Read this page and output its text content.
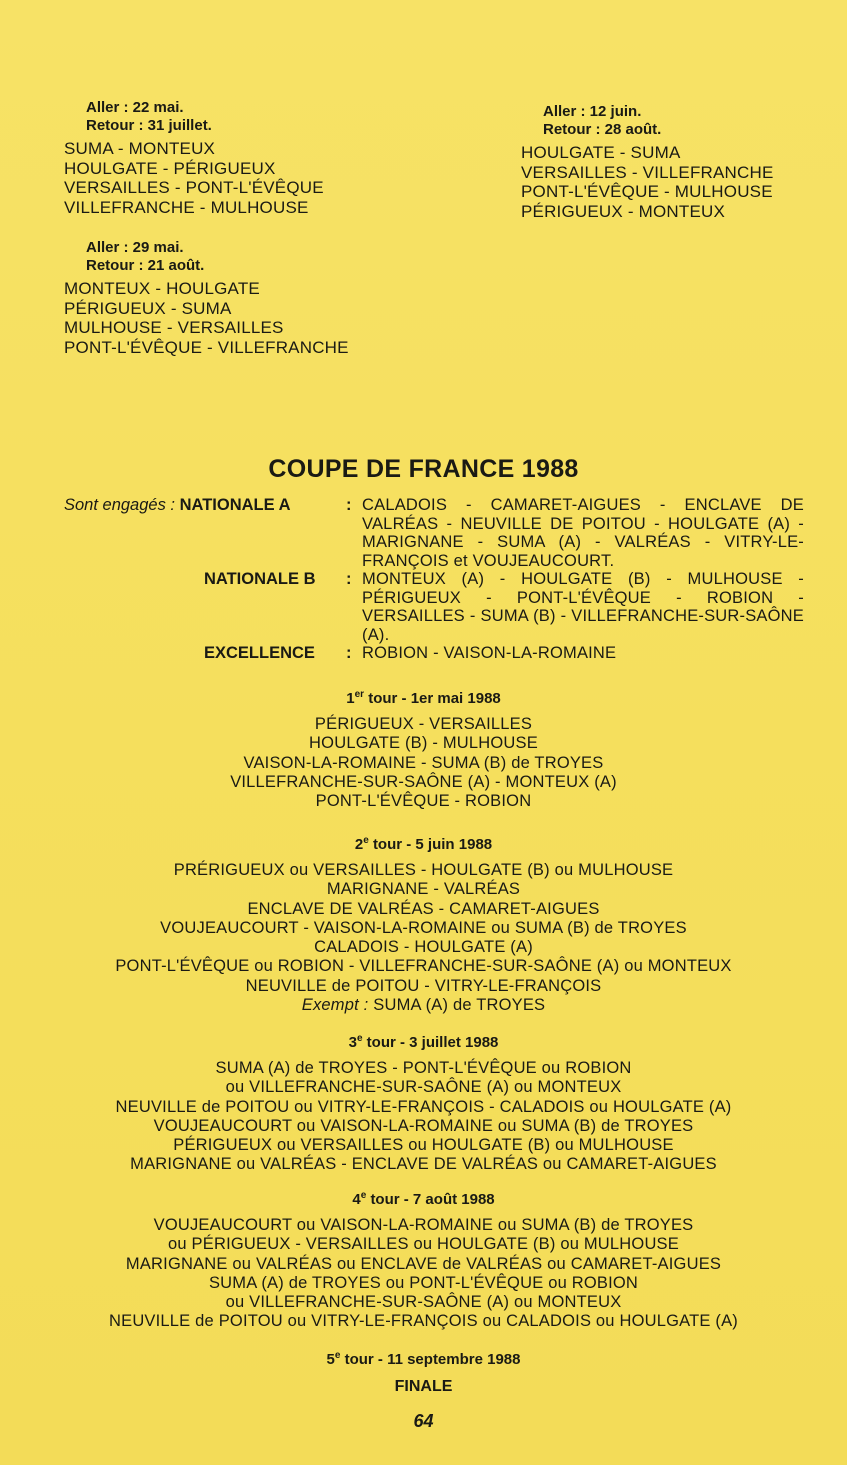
Aller : 22 mai.
Retour : 31 juillet.
SUMA - MONTEUX
HOULGATE - PÉRIGUEUX
VERSAILLES - PONT-L'ÉVÊQUE
VILLEFRANCHE - MULHOUSE
Aller : 29 mai.
Retour : 21 août.
MONTEUX - HOULGATE
PÉRIGUEUX - SUMA
MULHOUSE - VERSAILLES
PONT-L'ÉVÊQUE - VILLEFRANCHE
Aller : 12 juin.
Retour : 28 août.
HOULGATE - SUMA
VERSAILLES - VILLEFRANCHE
PONT-L'ÉVÊQUE - MULHOUSE
PÉRIGUEUX - MONTEUX
COUPE DE FRANCE 1988
Sont engagés : NATIONALE A	: CALADOIS - CAMARET-AIGUES - ENCLAVE DE VALRÉAS - NEUVILLE DE POITOU - HOULGATE (A) - MARIGNANE - SUMA (A) - VALRÉAS - VITRY-LE-FRANÇOIS et VOUJEAUCOURT.
NATIONALE B : MONTEUX (A) - HOULGATE (B) - MULHOUSE - PÉRIGUEUX - PONT-L'ÉVÊQUE - ROBION - VERSAILLES - SUMA (B) - VILLEFRANCHE-SUR-SAÔNE (A).
EXCELLENCE : ROBION - VAISON-LA-ROMAINE
1er tour - 1er mai 1988
PÉRIGUEUX - VERSAILLES
HOULGATE (B) - MULHOUSE
VAISON-LA-ROMAINE - SUMA (B) de TROYES
VILLEFRANCHE-SUR-SAÔNE (A) - MONTEUX (A)
PONT-L'ÉVÊQUE - ROBION
2e tour - 5 juin 1988
PRÉRIGUEUX ou VERSAILLES - HOULGATE (B) ou MULHOUSE
MARIGNANE - VALRÉAS
ENCLAVE DE VALRÉAS - CAMARET-AIGUES
VOUJEAUCOURT - VAISON-LA-ROMAINE ou SUMA (B) de TROYES
CALADOIS - HOULGATE (A)
PONT-L'ÉVÊQUE ou ROBION - VILLEFRANCHE-SUR-SAÔNE (A) ou MONTEUX
NEUVILLE de POITOU - VITRY-LE-FRANÇOIS
Exempt : SUMA (A) de TROYES
3e tour - 3 juillet 1988
SUMA (A) de TROYES - PONT-L'ÉVÊQUE ou ROBION
ou VILLEFRANCHE-SUR-SAÔNE (A) ou MONTEUX
NEUVILLE de POITOU ou VITRY-LE-FRANÇOIS - CALADOIS ou HOULGATE (A)
VOUJEAUCOURT ou VAISON-LA-ROMAINE ou SUMA (B) de TROYES
PÉRIGUEUX ou VERSAILLES ou HOULGATE (B) ou MULHOUSE
MARIGNANE ou VALRÉAS - ENCLAVE DE VALRÉAS ou CAMARET-AIGUES
4e tour - 7 août 1988
VOUJEAUCOURT ou VAISON-LA-ROMAINE ou SUMA (B) de TROYES
ou PÉRIGUEUX - VERSAILLES ou HOULGATE (B) ou MULHOUSE
MARIGNANE ou VALRÉAS ou ENCLAVE de VALRÉAS ou CAMARET-AIGUES
SUMA (A) de TROYES ou PONT-L'ÉVÊQUE ou ROBION
ou VILLEFRANCHE-SUR-SAÔNE (A) ou MONTEUX
NEUVILLE de POITOU ou VITRY-LE-FRANÇOIS ou CALADOIS ou HOULGATE (A)
5e tour - 11 septembre 1988
FINALE
64
